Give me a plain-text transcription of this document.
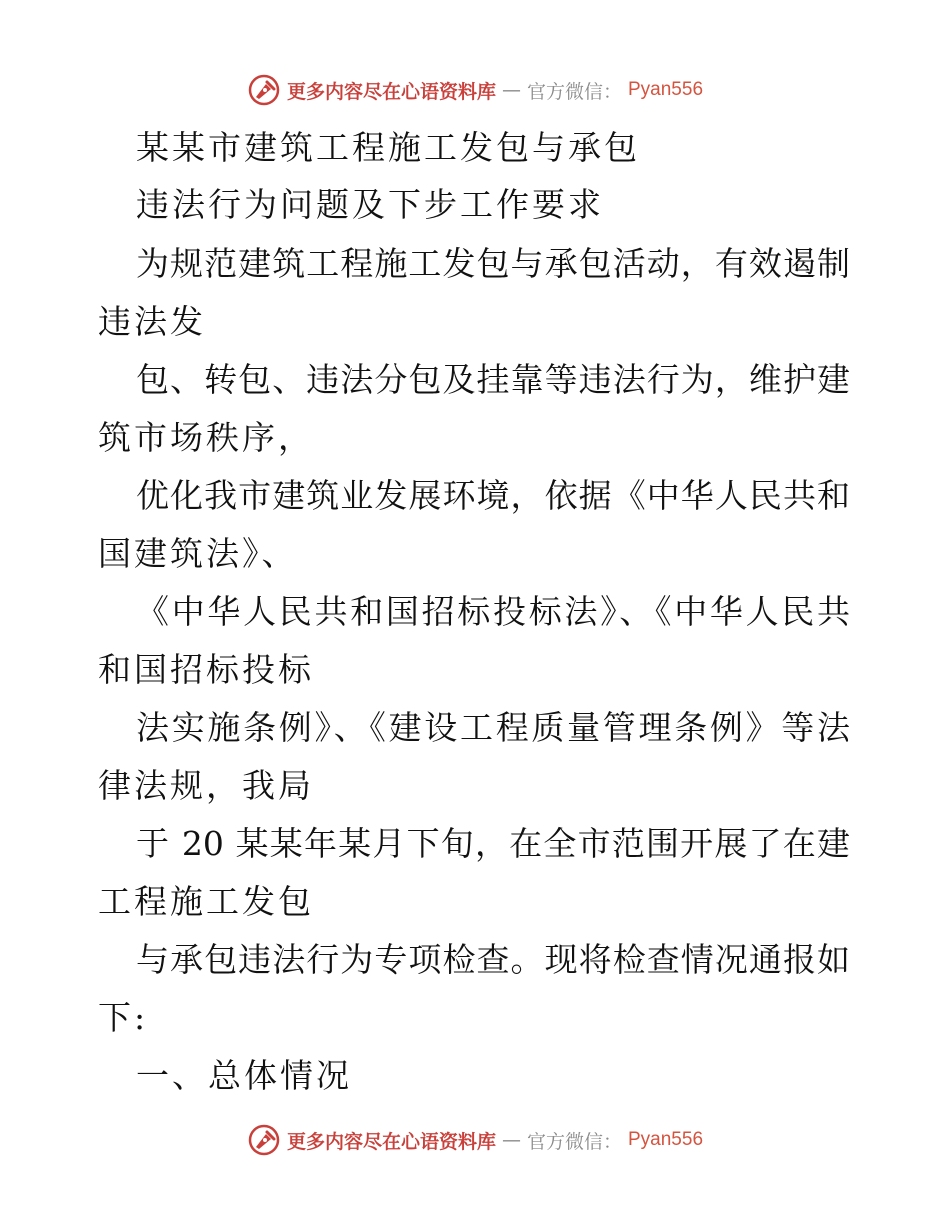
更多内容尽在心语资料库 — 官方微信： Pyan556
某某市建筑工程施工发包与承包
违法行为问题及下步工作要求
为规范建筑工程施工发包与承包活动，有效遏制
违法发
包、转包、违法分包及挂靠等违法行为，维护建
筑市场秩序，
优化我市建筑业发展环境，依据《中华人民共和
国建筑法》、
《中华人民共和国招标投标法》、《中华人民共
和国招标投标
法实施条例》、《建设工程质量管理条例》等法
律法规，我局
于 20 某某年某月下旬，在全市范围开展了在建
工程施工发包
与承包违法行为专项检查。现将检查情况通报如
下:
一、总体情况
更多内容尽在心语资料库 — 官方微信： Pyan556
